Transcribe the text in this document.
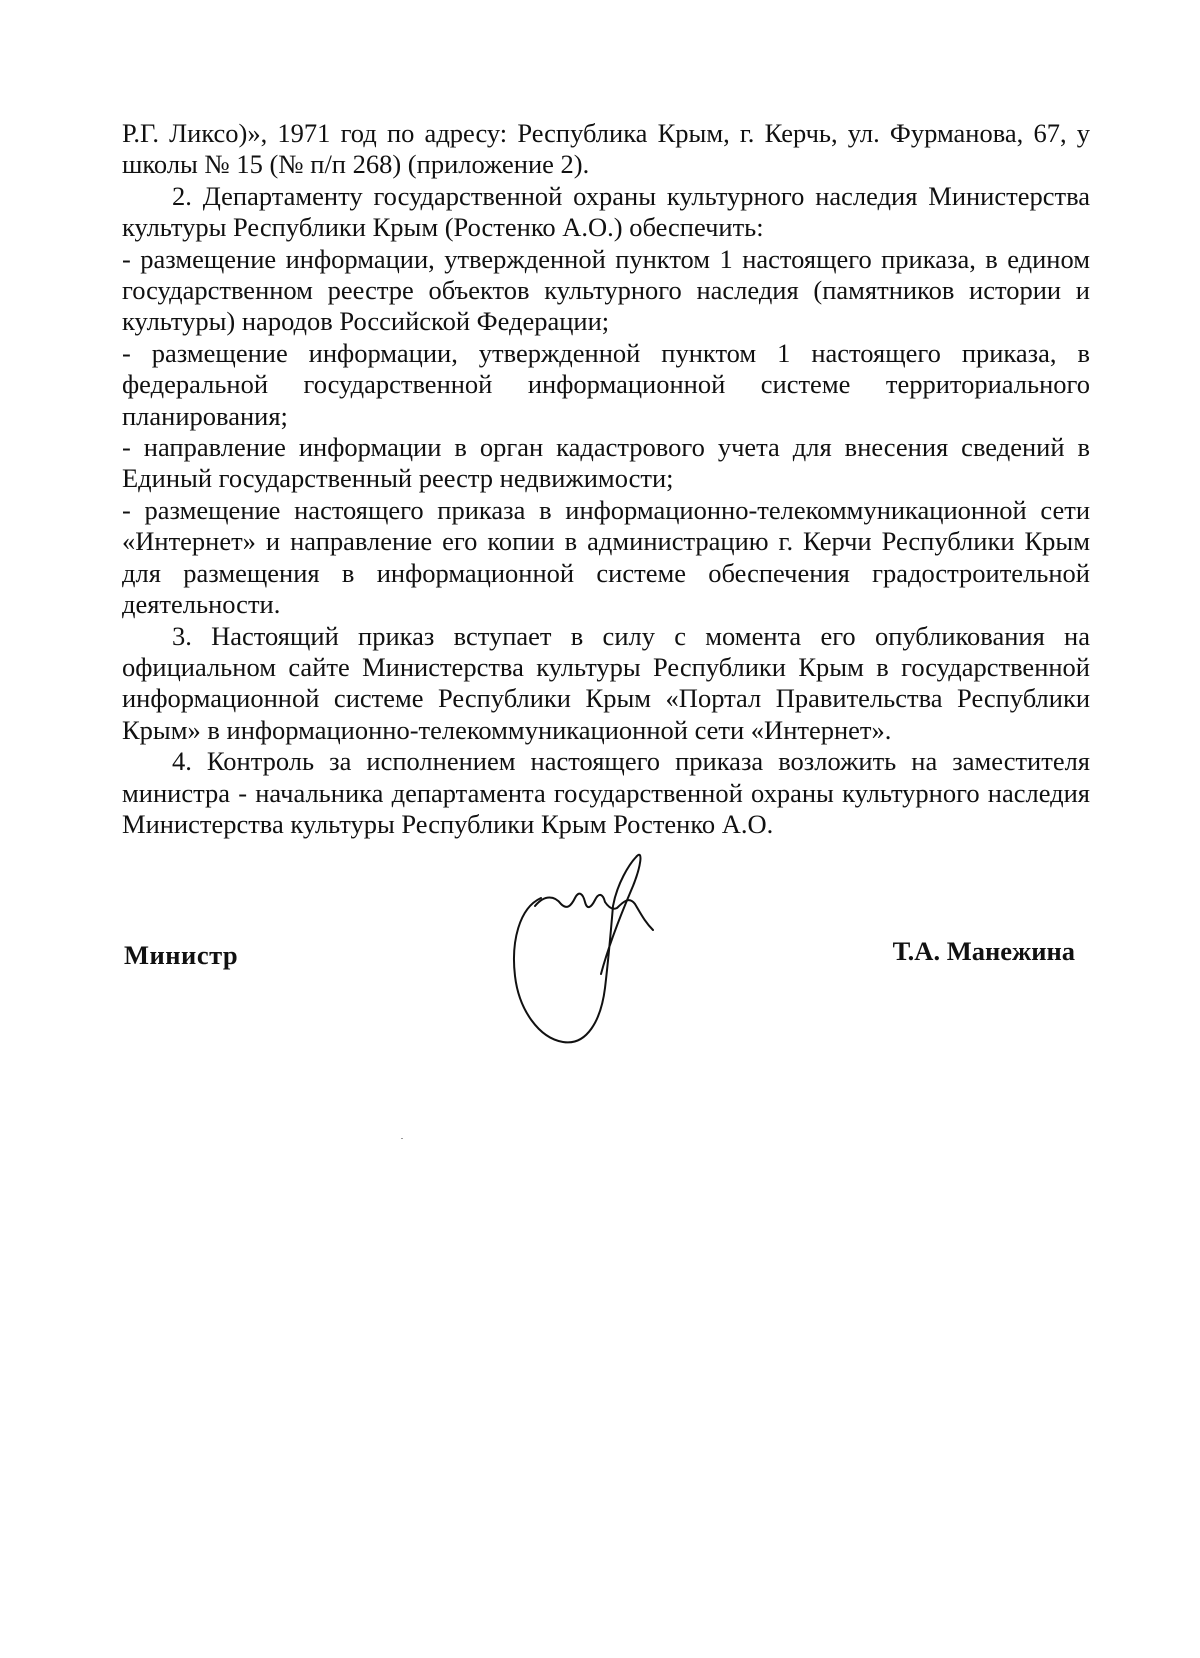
Р.Г. Ликсо)», 1971 год по адресу: Республика Крым, г. Керчь, ул. Фурманова, 67, у школы № 15 (№ п/п 268) (приложение 2).

2. Департаменту государственной охраны культурного наследия Министерства культуры Республики Крым (Ростенко А.О.) обеспечить:

- размещение информации, утвержденной пунктом 1 настоящего приказа, в едином государственном реестре объектов культурного наследия (памятников истории и культуры) народов Российской Федерации;

- размещение информации, утвержденной пунктом 1 настоящего приказа, в федеральной государственной информационной системе территориального планирования;

- направление информации в орган кадастрового учета для внесения сведений в Единый государственный реестр недвижимости;

- размещение настоящего приказа в информационно-телекоммуникационной сети «Интернет» и направление его копии в администрацию г. Керчи Республики Крым для размещения в информационной системе обеспечения градостроительной деятельности.

3. Настоящий приказ вступает в силу с момента его опубликования на официальном сайте Министерства культуры Республики Крым в государственной информационной системе Республики Крым «Портал Правительства Республики Крым» в информационно-телекоммуникационной сети «Интернет».

4. Контроль за исполнением настоящего приказа возложить на заместителя министра - начальника департамента государственной охраны культурного наследия Министерства культуры Республики Крым Ростенко А.О.

Министр	Т.А. Манежина
